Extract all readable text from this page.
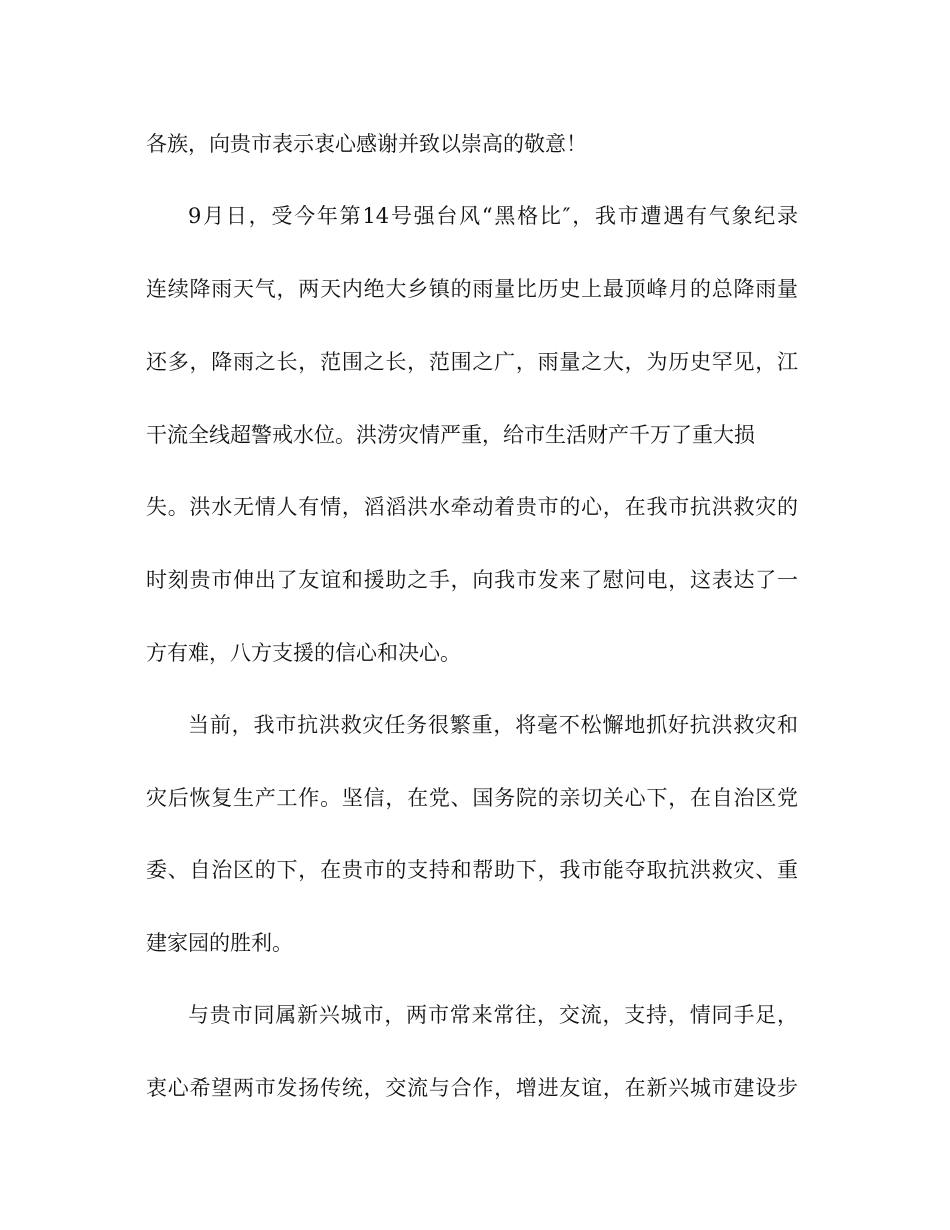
各族，向贵市表示衷心感谢并致以崇高的敬意！
9月日，受今年第14号强台风“黑格比″，我市遭遇有气象纪录
连续降雨天气，两天内绝大乡镇的雨量比历史上最顶峰月的总降雨量
还多，降雨之长，范围之长，范围之广，雨量之大，为历史罕见，江
干流全线超警戒水位。洪涝灾情严重，给市生活财产千万了重大损
失。洪水无情人有情，滔滔洪水牵动着贵市的心，在我市抗洪救灾的
时刻贵市伸出了友谊和援助之手，向我市发来了慰问电，这表达了一
方有难，八方支援的信心和决心。
当前，我市抗洪救灾任务很繁重，将毫不松懈地抓好抗洪救灾和
灾后恢复生产工作。坚信，在党、国务院的亲切关心下，在自治区党
委、自治区的下，在贵市的支持和帮助下，我市能夺取抗洪救灾、重
建家园的胜利。
与贵市同属新兴城市，两市常来常往，交流，支持，情同手足，
衷心希望两市发扬传统，交流与合作，增进友谊，在新兴城市建设步
